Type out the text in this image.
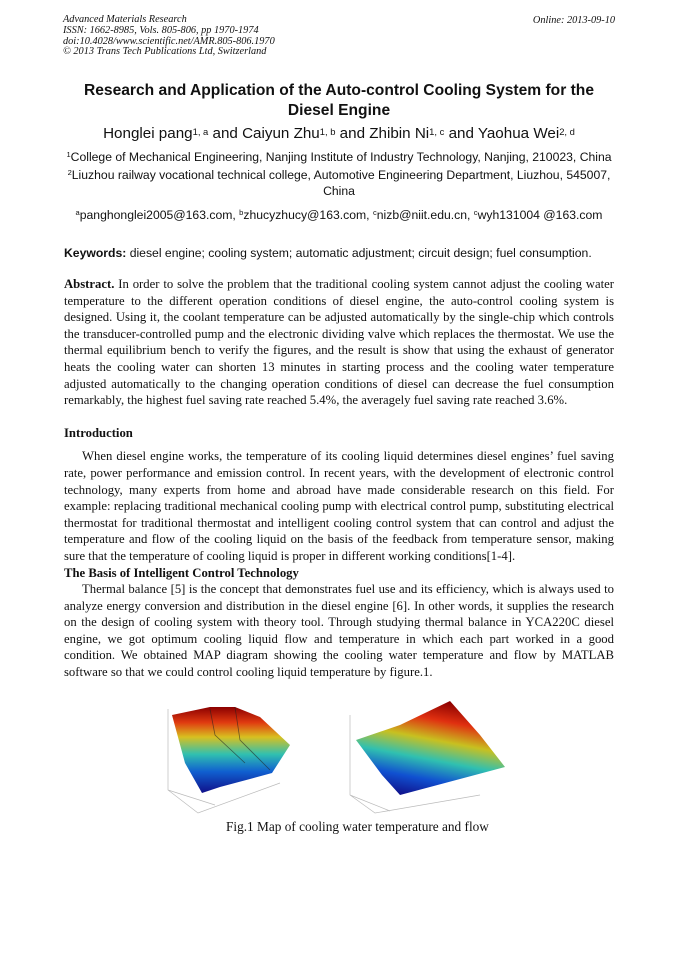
Advanced Materials Research
ISSN: 1662-8985, Vols. 805-806, pp 1970-1974
doi:10.4028/www.scientific.net/AMR.805-806.1970
© 2013 Trans Tech Publications Ltd, Switzerland
Online: 2013-09-10
Research and Application of the Auto-control Cooling System for the Diesel Engine
Honglei pang$^{1, a}$ and Caiyun Zhu$^{1, b}$ and Zhibin Ni$^{1, c}$ and Yaohua Wei$^{2, d}$
$^1$College of Mechanical Engineering, Nanjing Institute of Industry Technology, Nanjing, 210023, China
$^2$Liuzhou railway vocational technical college, Automotive Engineering Department, Liuzhou, 545007, China
$^a$panghonglei2005@163.com, $^b$zhucyzhucy@163.com, $^c$nizb@niit.edu.cn, $^c$wyh131004 @163.com
Keywords: diesel engine; cooling system; automatic adjustment; circuit design; fuel consumption.
Abstract. In order to solve the problem that the traditional cooling system cannot adjust the cooling water temperature to the different operation conditions of diesel engine, the auto-control cooling system is designed. Using it, the coolant temperature can be adjusted automatically by the single-chip which controls the transducer-controlled pump and the electronic dividing valve which replaces the thermostat. We use the thermal equilibrium bench to verify the figures, and the result is show that using the exhaust of generator heats the cooling water can shorten 13 minutes in starting process and the cooling water temperature adjusted automatically to the changing operation conditions of diesel can decrease the fuel consumption remarkably, the highest fuel saving rate reached 5.4%, the averagely fuel saving rate reached 3.6%.
Introduction
When diesel engine works, the temperature of its cooling liquid determines diesel engines’ fuel saving rate, power performance and emission control. In recent years, with the development of electronic control technology, many experts from home and abroad have made considerable research on this field. For example: replacing traditional mechanical cooling pump with electrical control pump, substituting electrical thermostat for traditional thermostat and intelligent cooling control system that can control and adjust the temperature and flow of the cooling liquid on the basis of the feedback from temperature sensor, making sure that the temperature of cooling liquid is proper in different working conditions[1-4].
The Basis of Intelligent Control Technology
Thermal balance [5] is the concept that demonstrates fuel use and its efficiency, which is always used to analyze energy conversion and distribution in the diesel engine [6]. In other words, it supplies the research on the design of cooling system with theory tool. Through studying thermal balance in YCA220C diesel engine, we got optimum cooling liquid flow and temperature in which each part worked in a good condition. We obtained MAP diagram showing the cooling water temperature and flow by MATLAB software so that we could control cooling liquid temperature by figure.1.
Fig.1 Map of cooling water temperature and flow
